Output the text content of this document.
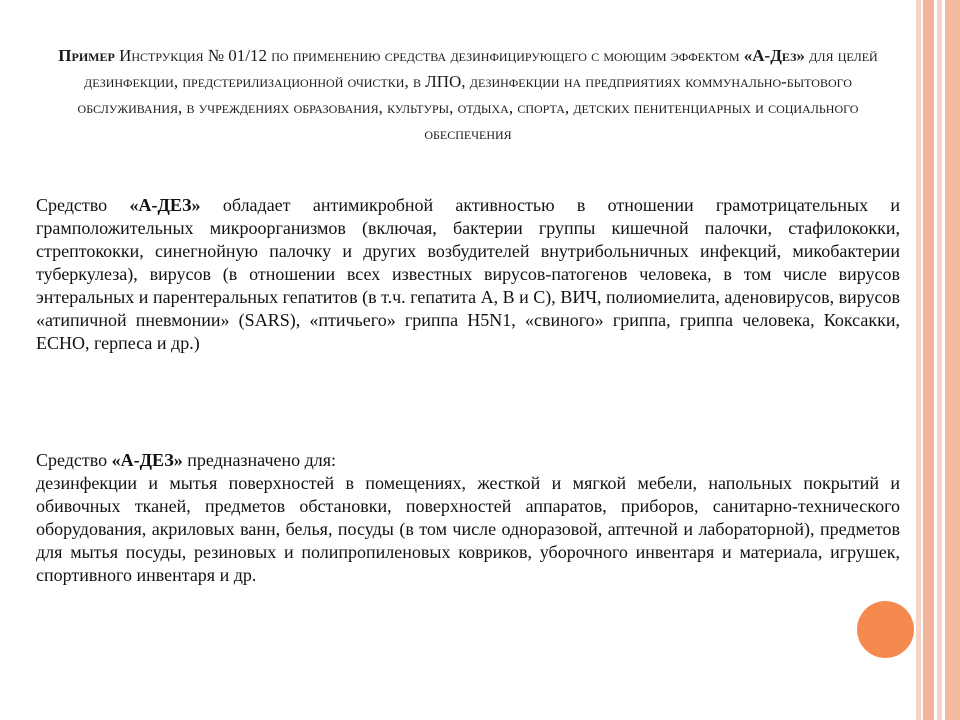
Пример Инструкция № 01/12 по применению средства дезинфицирующего с моющим эффектом «А-Дез» для целей дезинфекции, предстерилизационной очистки, в ЛПО, дезинфекции на предприятиях коммунально-бытового обслуживания, в учреждениях образования, культуры, отдыха, спорта, детских пенитенциарных и социального обеспечения
Средство «А-ДЕЗ» обладает антимикробной активностью в отношении грамотрицательных и грамположительных микроорганизмов (включая, бактерии группы кишечной палочки, стафилококки, стрептококки, синегнойную палочку и других возбудителей внутрибольничных инфекций, микобактерии туберкулеза), вирусов (в отношении всех известных вирусов-патогенов человека, в том числе вирусов энтеральных и парентеральных гепатитов (в т.ч. гепатита А, В и С), ВИЧ, полиомиелита, аденовирусов, вирусов «атипичной пневмонии» (SARS), «птичьего» гриппа H5N1, «свиного» гриппа, гриппа человека, Коксакки, ЕСНО, герпеса и др.)
Средство «А-ДЕЗ» предназначено для:
дезинфекции и мытья поверхностей в помещениях, жесткой и мягкой мебели, напольных покрытий и обивочных тканей, предметов обстановки, поверхностей аппаратов, приборов, санитарно-технического оборудования, акриловых ванн, белья, посуды (в том числе одноразовой, аптечной и лабораторной), предметов для мытья посуды, резиновых и полипропиленовых ковриков, уборочного инвентаря и материала, игрушек, спортивного инвентаря и др.
